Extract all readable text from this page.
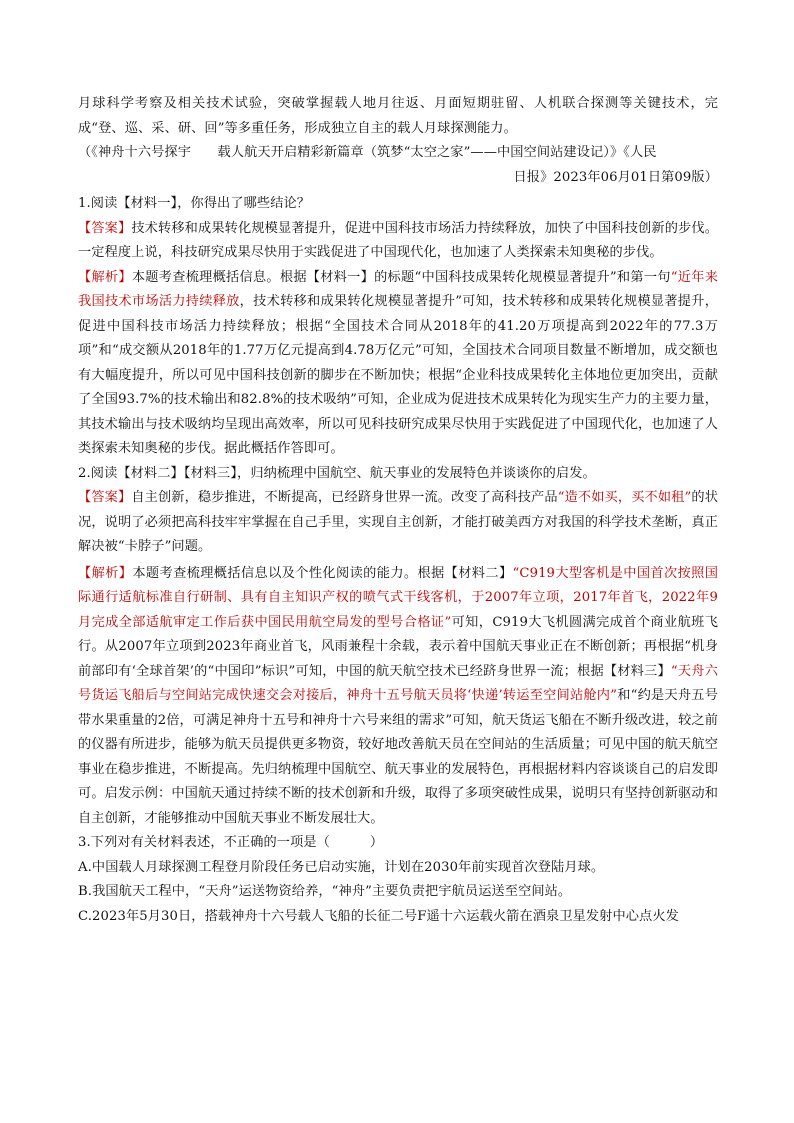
月球科学考察及相关技术试验，突破掌握载人地月往返、月面短期驻留、人机联合探测等关键技术，完成“登、巡、采、研、回”等多重任务，形成独立自主的载人月球探测能力。

（《神舟十六号探宇　　载人航天开启精彩新篇章（筑梦“太空之家”——中国空间站建设记）》《人民

日报》2023年06月01日第09版）

1.阅读【材料一】，你得出了哪些结论？

【答案】技术转移和成果转化规模显著提升，促进中国科技市场活力持续释放，加快了中国科技创新的步伐。一定程度上说，科技研究成果尽快用于实践促进了中国现代化，也加速了人类探索未知奥秘的步伐。

【解析】本题考查梳理概括信息。根据【材料一】的标题“中国科技成果转化规模显著提升”和第一句“近年来我国技术市场活力持续释放，技术转移和成果转化规模显著提升”可知，技术转移和成果转化规模显著提升，促进中国科技市场活力持续释放；根据“全国技术合同从2018年的41.20万项提高到2022年的77.3万项”和“成交额从2018年的1.77万亿元提高到4.78万亿元”可知，全国技术合同项目数量不断增加，成交额也有大幅度提升，所以可见中国科技创新的脚步在不断加快；根据“企业科技成果转化主体地位更加突出，贡献了全国93.7%的技术输出和82.8%的技术吸纳”可知，企业成为促进技术成果转化为现实生产力的主要力量，其技术输出与技术吸纳均呈现出高效率，所以可见科技研究成果尽快用于实践促进了中国现代化，也加速了人类探索未知奥秘的步伐。据此概括作答即可。

2.阅读【材料二】【材料三】，归纳梳理中国航空、航天事业的发展特色并谈谈你的启发。

【答案】自主创新，稳步推进，不断提高，已经跻身世界一流。改变了高科技产品“造不如买，买不如租”的状况，说明了必须把高科技牢牢掌握在自己手里，实现自主创新，才能打破美西方对我国的科学技术垄断，真正解决被“卡脖子”问题。

【解析】本题考查梳理概括信息以及个性化阅读的能力。根据【材料二】“C919大型客机是中国首次按照国际通行适航标准自行研制、具有自主知识产权的喷气式干线客机，于2007年立项，2017年首飞，2022年9月完成全部适航审定工作后获中国民用航空局发的型号合格证”可知，C919大飞机圆满完成首个商业航班飞行。从2007年立项到2023年商业首飞，风雨兼程十余载，表示着中国航天事业正在不断创新；再根据“机身前部印有‘全球首架’的“中国印”标识”可知，中国的航天航空技术已经跻身世界一流；根据【材料三】“天舟六号货运飞船后与空间站完成快速交会对接后，神舟十五号航天员将‘快递’转运至空间站舱内”和“约是天舟五号带水果重量的2倍，可满足神舟十五号和神舟十六号来组的需求”可知，航天货运飞船在不断升级改进，较之前的仪器有所进步，能够为航天员提供更多物资，较好地改善航天员在空间站的生活质量；可见中国的航天航空事业在稳步推进，不断提高。先归纳梳理中国航空、航天事业的发展特色，再根据材料内容谈谈自己的启发即可。启发示例：中国航天通过持续不断的技术创新和升级，取得了多项突破性成果，说明只有坚持创新驱动和自主创新，才能够推动中国航天事业不断发展壮大。

3.下列对有关材料表述，不正确的一项是（　　　）

A.中国载人月球探测工程登月阶段任务已启动实施，计划在2030年前实现首次登陆月球。

B.我国航天工程中，“天舟”运送物资给养，“神舟”主要负责把宇航员运送至空间站。

C.2023年5月30日，搭载神舟十六号载人飞船的长征二号F遥十六运载火箭在酒泉卫星发射中心点火发
